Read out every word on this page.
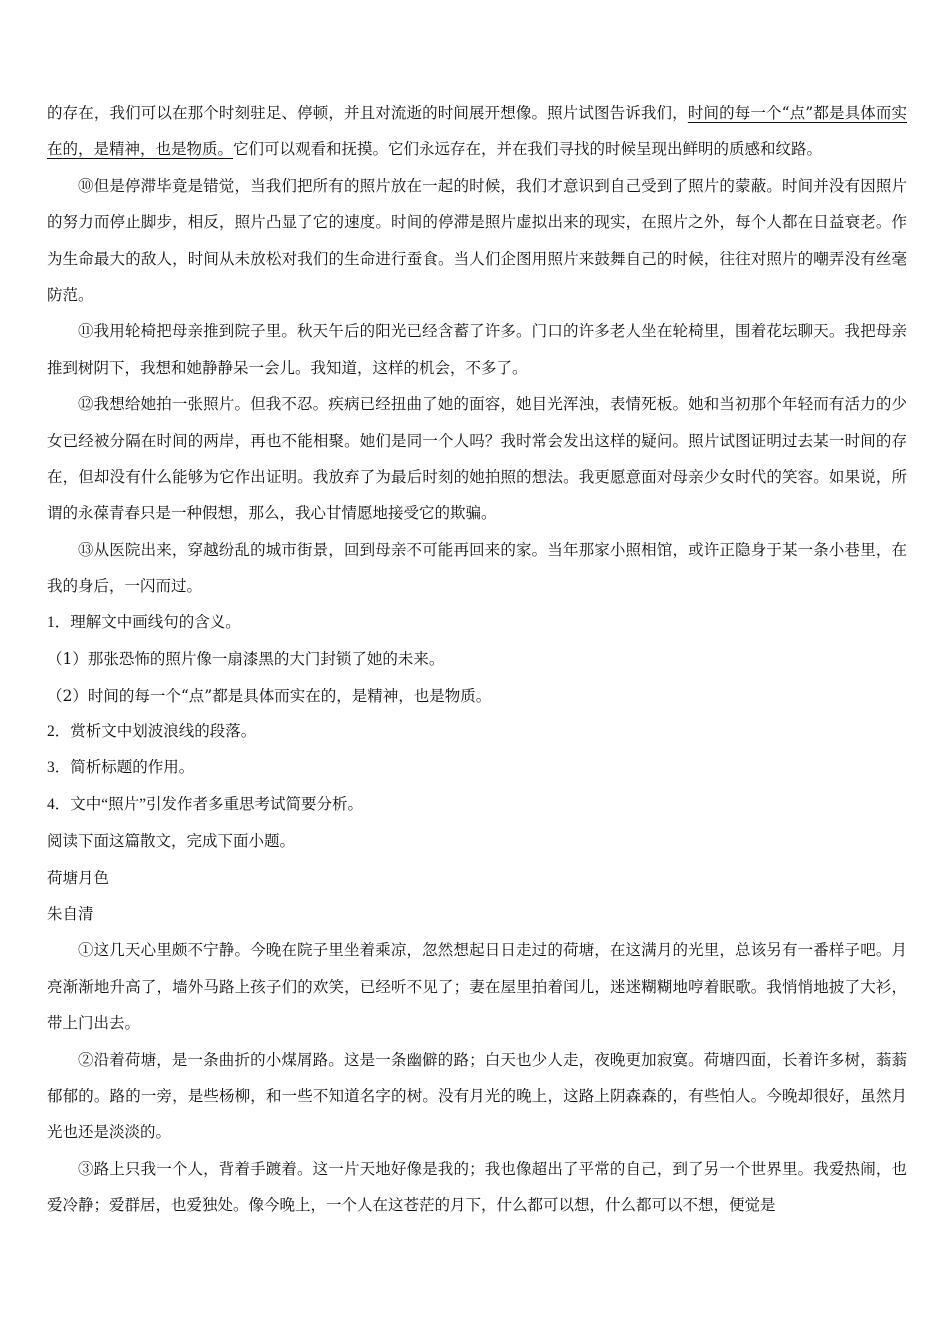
的存在，我们可以在那个时刻驻足、停顿，并且对流逝的时间展开想像。照片试图告诉我们，时间的每一个“点”都是具体而实在的，是精神，也是物质。它们可以观看和抚摸。它们永远存在，并在我们寻找的时候呈现出鲜明的质感和纹路。

⑩但是停滞毕竟是错觉，当我们把所有的照片放在一起的时候，我们才意识到自己受到了照片的蒙蔽。时间并没有因照片的努力而停止脚步，相反，照片凸显了它的速度。时间的停滞是照片虚拟出来的现实，在照片之外，每个人都在日益衰老。作为生命最大的敌人，时间从未放松对我们的生命进行蚕食。当人们企图用照片来鼓舞自己的时候，往往对照片的嘲弄没有丝毫防范。

⑪我用轮椅把母亲推到院子里。秋天午后的阳光已经含蓄了许多。门口的许多老人坐在轮椅里，围着花坛聊天。我把母亲推到树阴下，我想和她静静呆一会儿。我知道，这样的机会，不多了。

⑫我想给她拍一张照片。但我不忍。疾病已经扭曲了她的面容，她目光浑浊，表情死板。她和当初那个年轻而有活力的少女已经被分隔在时间的两岸，再也不能相聚。她们是同一个人吗？我时常会发出这样的疑问。照片试图证明过去某一时间的存在，但却没有什么能够为它作出证明。我放弃了为最后时刻的她拍照的想法。我更愿意面对母亲少女时代的笑容。如果说，所谓的永葆青春只是一种假想，那么，我心甘情愿地接受它的欺骗。

⑬从医院出来，穿越纷乱的城市街景，回到母亲不可能再回来的家。当年那家小照相馆，或许正隐身于某一条小巷里，在我的身后，一闪而过。

1．理解文中画线句的含义。

（1）那张恐怖的照片像一扇漆黑的大门封锁了她的未来。

（2）时间的每一个“点”都是具体而实在的，是精神，也是物质。

2．赏析文中划波浪线的段落。

3．简析标题的作用。

4．文中“照片”引发作者多重思考试简要分析。

阅读下面这篇散文，完成下面小题。

荷塘月色

朱自清

①这几天心里颇不宁静。今晚在院子里坐着乘凉，忽然想起日日走过的荷塘，在这满月的光里，总该另有一番样子吧。月亮渐渐地升高了，墙外马路上孩子们的欢笑，已经听不见了；妻在屋里拍着闰儿，迷迷糊糊地哼着眠歌。我悄悄地披了大衫，带上门出去。

②沿着荷塘，是一条曲折的小煤屑路。这是一条幽僻的路；白天也少人走，夜晚更加寂寞。荷塘四面，长着许多树，蓊蓊郁郁的。路的一旁，是些杨柳，和一些不知道名字的树。没有月光的晚上，这路上阴森森的，有些怕人。今晚却很好，虽然月光也还是淡淡的。

③路上只我一个人，背着手踱着。这一片天地好像是我的；我也像超出了平常的自己，到了另一个世界里。我爱热闹，也爱冷静；爱群居，也爱独处。像今晚上，一个人在这苍茫的月下，什么都可以想，什么都可以不想，便觉是
